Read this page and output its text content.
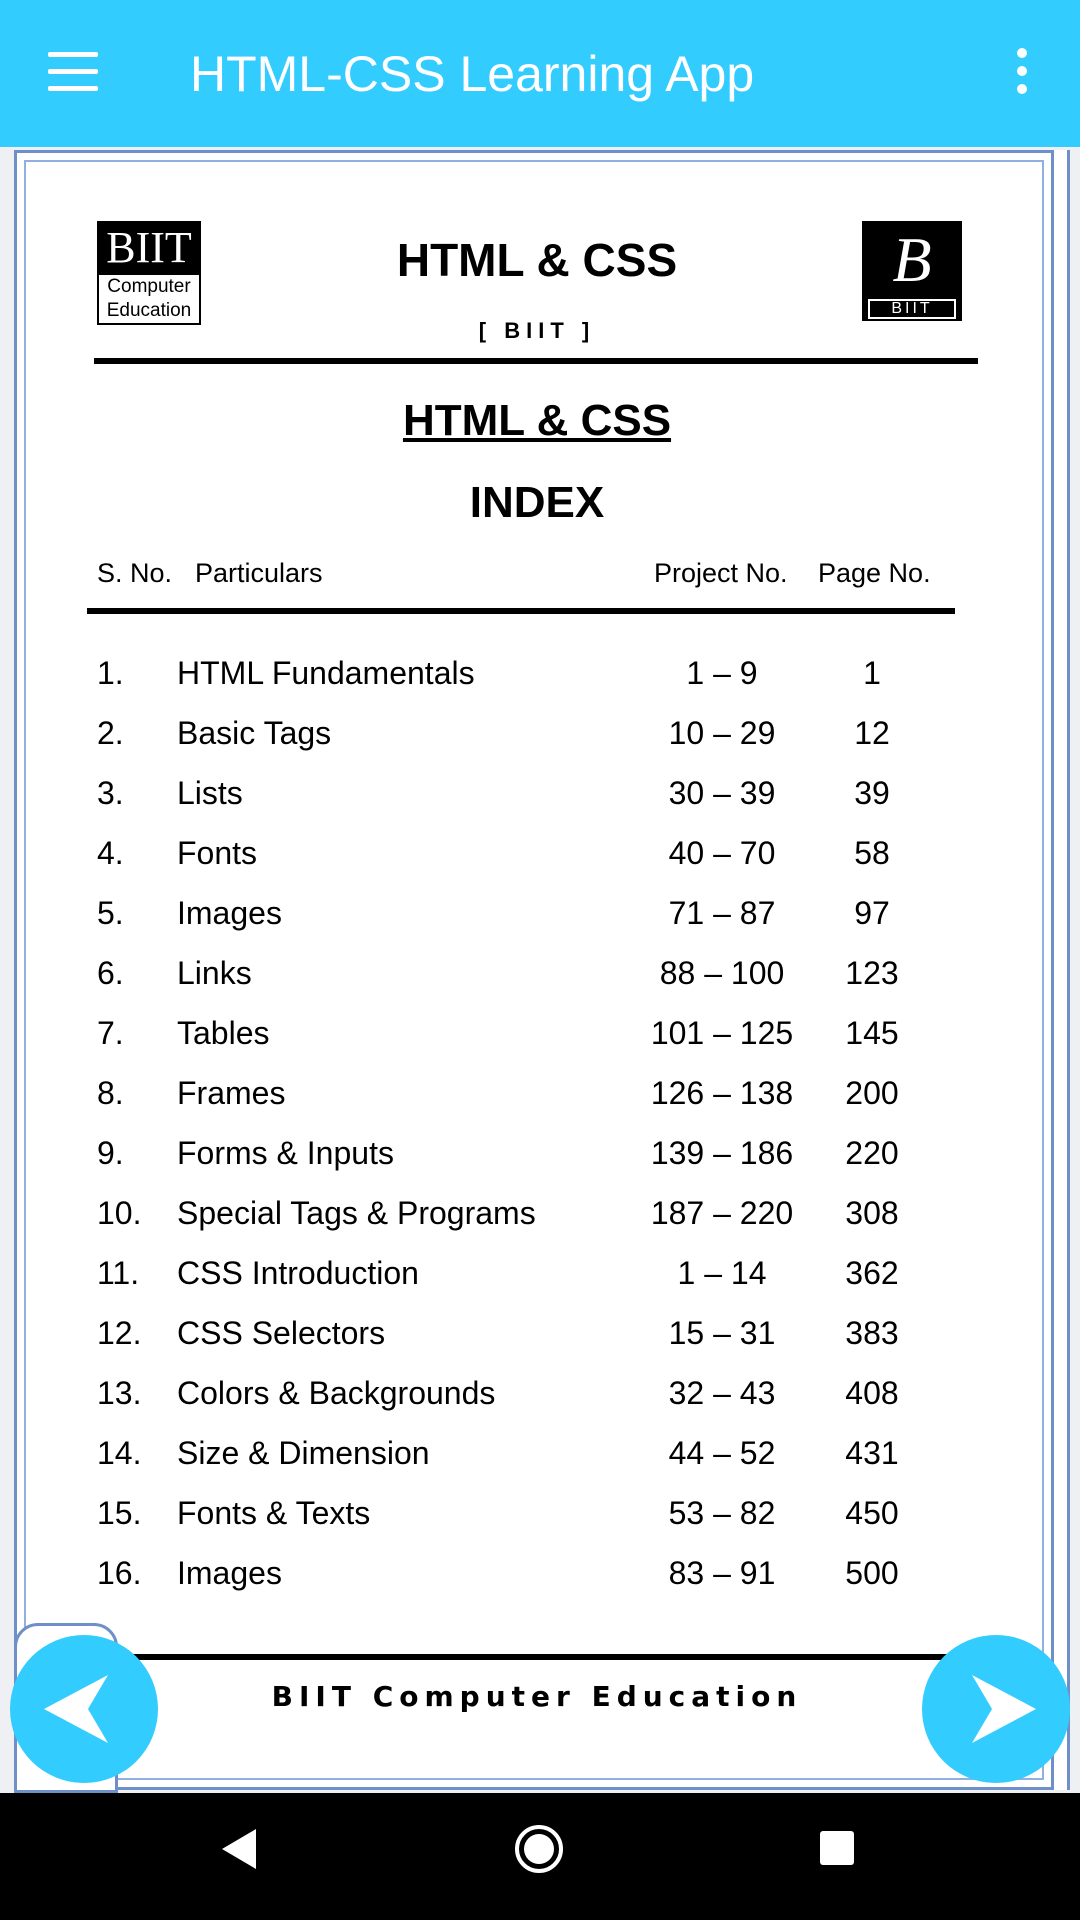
HTML-CSS Learning App
BIIT
Computer
Education
HTML & CSS
[ BIIT ]
B
BIIT
HTML & CSS
INDEX
S. No. Particulars	Project No. Page No.
1. HTML Fundamentals	1 – 9	1
2. Basic Tags	10 – 29	12
3. Lists	30 – 39	39
4. Fonts	40 – 70	58
5. Images	71 – 87	97
6. Links	88 – 100	123
7. Tables	101 – 125	145
8. Frames	126 – 138	200
9. Forms & Inputs	139 – 186	220
10. Special Tags & Programs	187 – 220	308
11. CSS Introduction	1 – 14	362
12. CSS Selectors	15 – 31	383
13. Colors & Backgrounds	32 – 43	408
14. Size & Dimension	44 – 52	431
15. Fonts & Texts	53 – 82	450
16. Images	83 – 91	500
BIIT Computer Education
